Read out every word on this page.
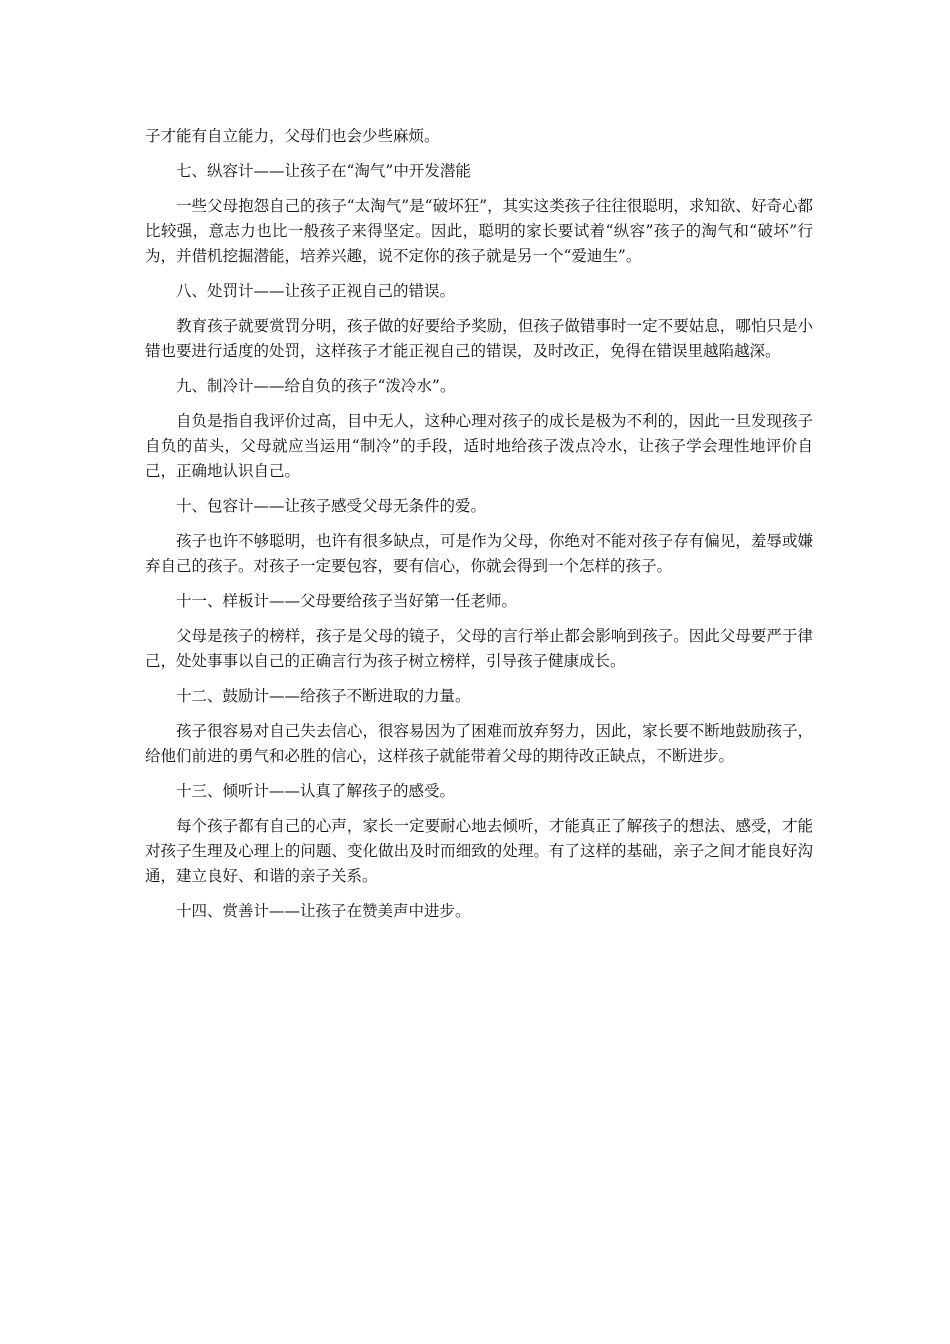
子才能有自立能力，父母们也会少些麻烦。

七、纵容计——让孩子在“淘气”中开发潜能

一些父母抱怨自己的孩子“太淘气”是“破坏狂”，其实这类孩子往往很聪明，求知欲、好奇心都比较强，意志力也比一般孩子来得坚定。因此，聪明的家长要试着“纵容”孩子的淘气和“破坏”行为，并借机挖掘潜能，培养兴趣，说不定你的孩子就是另一个“爱迪生”。

八、处罚计——让孩子正视自己的错误。

教育孩子就要赏罚分明，孩子做的好要给予奖励，但孩子做错事时一定不要姑息，哪怕只是小错也要进行适度的处罚，这样孩子才能正视自己的错误，及时改正，免得在错误里越陷越深。

九、制冷计——给自负的孩子“泼冷水”。

自负是指自我评价过高，目中无人，这种心理对孩子的成长是极为不利的，因此一旦发现孩子自负的苗头，父母就应当运用“制冷”的手段，适时地给孩子泼点冷水，让孩子学会理性地评价自己，正确地认识自己。

十、包容计——让孩子感受父母无条件的爱。

孩子也许不够聪明，也许有很多缺点，可是作为父母，你绝对不能对孩子存有偏见，羞辱或嫌弃自己的孩子。对孩子一定要包容，要有信心，你就会得到一个怎样的孩子。

十一、样板计——父母要给孩子当好第一任老师。

父母是孩子的榜样，孩子是父母的镜子，父母的言行举止都会影响到孩子。因此父母要严于律己，处处事事以自己的正确言行为孩子树立榜样，引导孩子健康成长。

十二、鼓励计——给孩子不断进取的力量。

孩子很容易对自己失去信心，很容易因为了困难而放弃努力，因此，家长要不断地鼓励孩子，给他们前进的勇气和必胜的信心，这样孩子就能带着父母的期待改正缺点，不断进步。

十三、倾听计——认真了解孩子的感受。

每个孩子都有自己的心声，家长一定要耐心地去倾听，才能真正了解孩子的想法、感受，才能对孩子生理及心理上的问题、变化做出及时而细致的处理。有了这样的基础，亲子之间才能良好沟通，建立良好、和谐的亲子关系。

十四、赏善计——让孩子在赞美声中进步。
